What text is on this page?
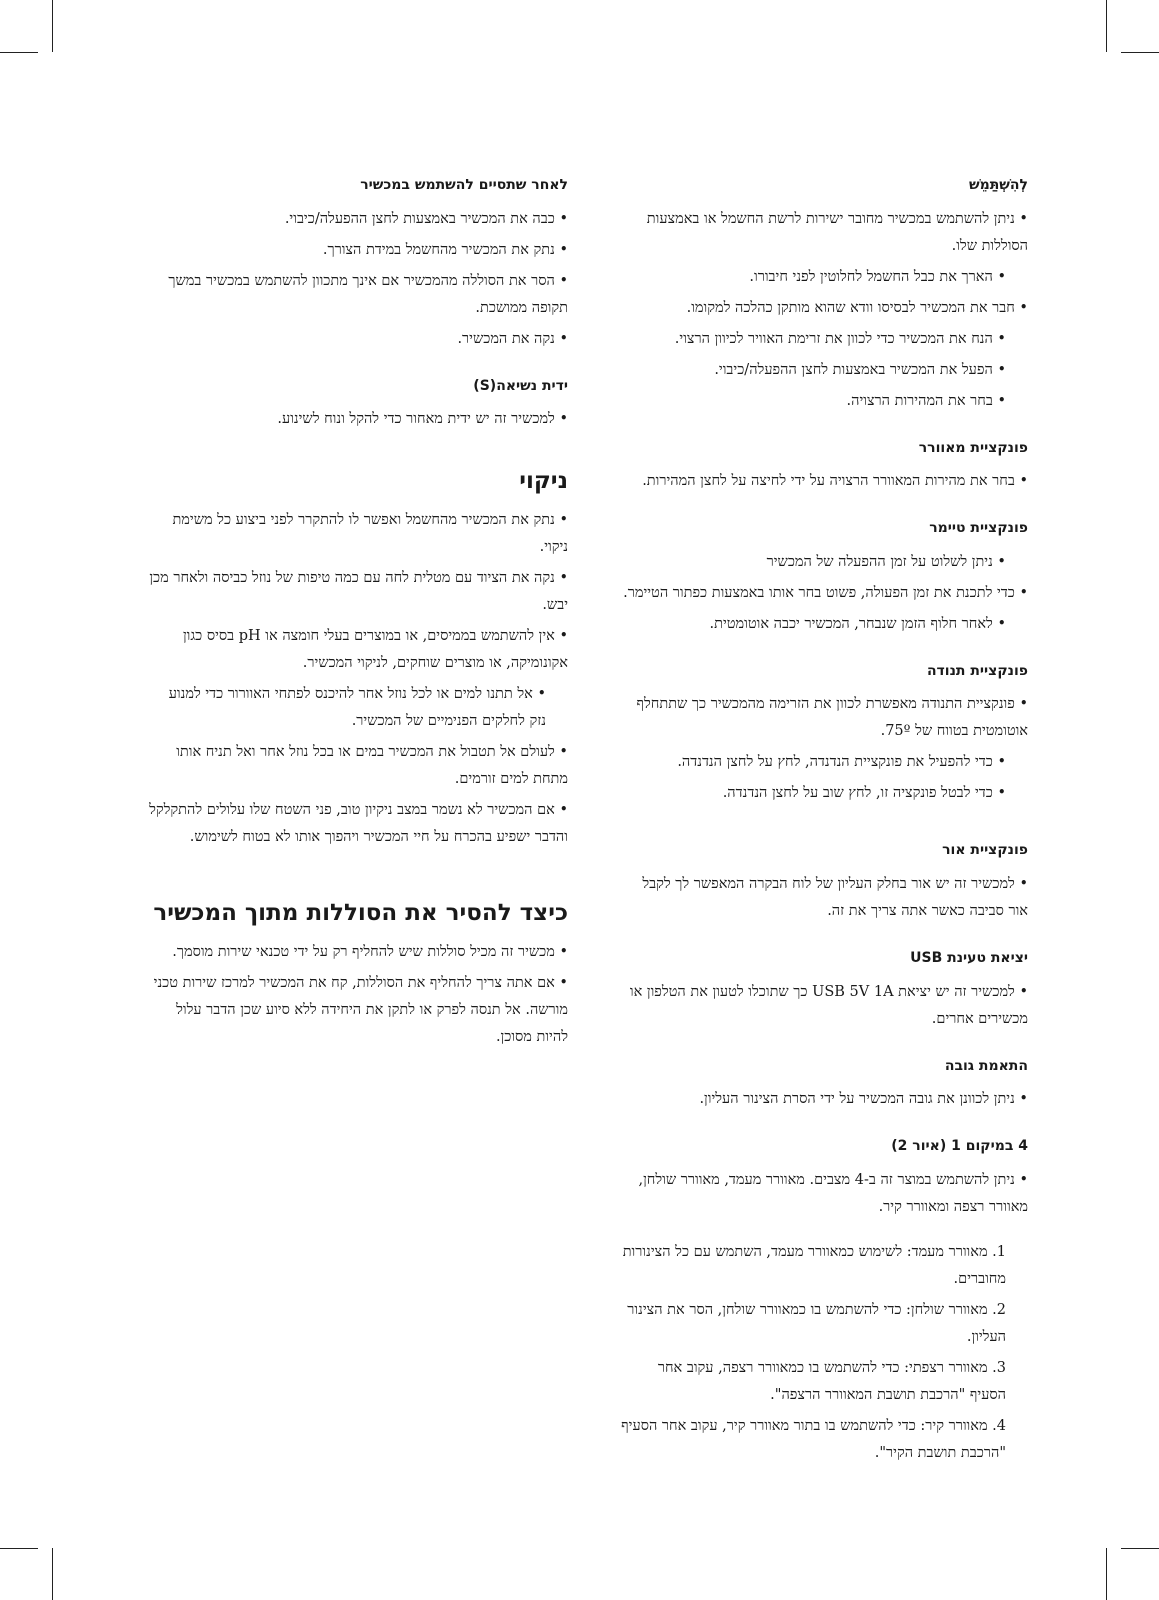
לְהִשְׁתַּמֵשׁ
• ניתן להשתמש במכשיר מחובר ישירות לרשת החשמל או באמצעות הסוללות שלו.
• הארך את כבל החשמל לחלוטין לפני חיבורו.
• חבר את המכשיר לבסיסו וודא שהוא מותקן כהלכה למקומו.
• הנח את המכשיר כדי לכוון את זרימת האוויר לכיוון הרצוי.
• הפעל את המכשיר באמצעות לחצן ההפעלה/כיבוי.
• בחר את המהירות הרצויה.
פונקציית מאוורר
• בחר את מהירות המאוורר הרצויה על ידי לחיצה על לחצן המהירות.
פונקציית טיימר
• ניתן לשלוט על זמן ההפעלה של המכשיר
• כדי לתכנת את זמן הפעולה, פשוט בחר אותו באמצעות כפתור הטיימר.
• לאחר חלוף הזמן שנבחר, המכשיר יכבה אוטומטית.
פונקציית תנודה
• פונקציית התנודה מאפשרת לכוון את הזרימה מהמכשיר כך שתתחלף אוטומטית בטווח של 75º.
• כדי להפעיל את פונקציית הנדנדה, לחץ על לחצן הנדנדה.
• כדי לבטל פונקציה זו, לחץ שוב על לחצן הנדנדה.
פונקציית אור
• למכשיר זה יש אור בחלק העליון של לוח הבקרה המאפשר לך לקבל אור סביבה כאשר אתה צריך את זה.
יציאת טעינת USB
• למכשיר זה יש יציאת USB 5V 1A כך שתוכלו לטעון את הטלפון או מכשירים אחרים.
התאמת גובה
• ניתן לכוונן את גובה המכשיר על ידי הסרת הצינור העליון.
4 במיקום 1 (איור 2)
• ניתן להשתמש במוצר זה ב-4 מצבים. מאוורר מעמד, מאוורר שולחן, מאוורר רצפה ומאוורר קיר.
1. מאוורר מעמד: לשימוש כמאוורר מעמד, השתמש עם כל הצינורות מחוברים.
2. מאוורר שולחן: כדי להשתמש בו כמאוורר שולחן, הסר את הצינור העליון.
3. מאוורר רצפתי: כדי להשתמש בו כמאוורר רצפה, עקוב אחר הסעיף "הרכבת תושבת המאוורר הרצפה".
4. מאוורר קיר: כדי להשתמש בו בתור מאוורר קיר, עקוב אחר הסעיף "הרכבת תושבת הקיר".
לאחר שתסיים להשתמש במכשיר
• כבה את המכשיר באמצעות לחצן ההפעלה/כיבוי.
• נתק את המכשיר מהחשמל במידת הצורך.
• הסר את הסוללה מהמכשיר אם אינך מתכוון להשתמש במכשיר במשך תקופה ממושכת.
• נקה את המכשיר.
ידית נשיאה(S)
• למכשיר זה יש ידית מאחור כדי להקל ונוח לשינוע.
ניקוי
• נתק את המכשיר מהחשמל ואפשר לו להתקרר לפני ביצוע כל משימת ניקוי.
• נקה את הציוד עם מטלית לחה עם כמה טיפות של נוזל כביסה ולאחר מכן יבש.
• אין להשתמש בממיסים, או במוצרים בעלי חומצה או pH בסיס כגון אקונומיקה, או מוצרים שוחקים, לניקוי המכשיר.
• אל תתנו למים או לכל נוזל אחר להיכנס לפתחי האוורור כדי למנוע נזק לחלקים הפנימיים של המכשיר.
• לעולם אל תטבול את המכשיר במים או בכל נוזל אחר ואל תניח אותו מתחת למים זורמים.
• אם המכשיר לא נשמר במצב ניקיון טוב, פני השטח שלו עלולים להתקלקל והדבר ישפיע בהכרח על חיי המכשיר ויהפוך אותו לא בטוח לשימוש.
כיצד להסיר את הסוללות מתוך המכשיר
• מכשיר זה מכיל סוללות שיש להחליף רק על ידי טכנאי שירות מוסמך.
• אם אתה צריך להחליף את הסוללות, קח את המכשיר למרכז שירות טכני מורשה. אל תנסה לפרק או לתקן את היחידה ללא סיוע שכן הדבר עלול להיות מסוכן.
